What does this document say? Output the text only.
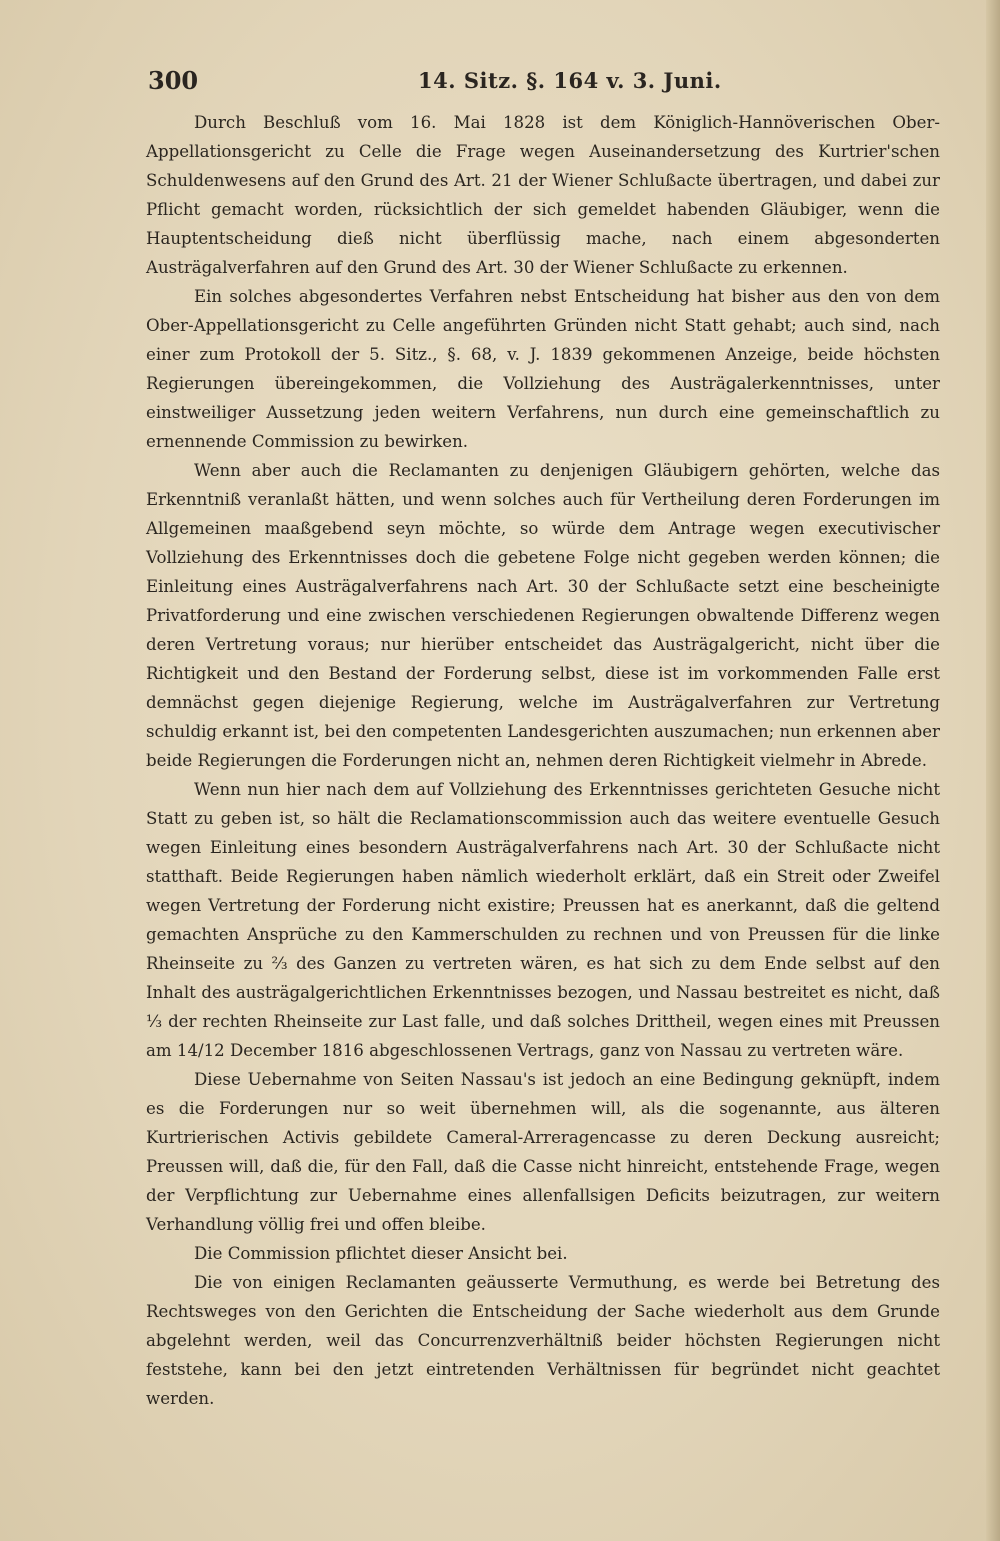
300	14. Sitz. §. 164 v. 3. Juni.

Durch Beschluß vom 16. Mai 1828 ist dem Königlich-Hannöverischen Ober-Appellationsgericht zu Celle die Frage wegen Auseinandersetzung des Kurtrier'schen Schuldenwesens auf den Grund des Art. 21 der Wiener Schlußacte übertragen, und dabei zur Pflicht gemacht worden, rücksichtlich der sich gemeldet habenden Gläubiger, wenn die Hauptentscheidung dieß nicht überflüssig mache, nach einem abgesonderten Austrägalverfahren auf den Grund des Art. 30 der Wiener Schlußacte zu erkennen.

Ein solches abgesondertes Verfahren nebst Entscheidung hat bisher aus den von dem Ober-Appellationsgericht zu Celle angeführten Gründen nicht Statt gehabt; auch sind, nach einer zum Protokoll der 5. Sitz., §. 68, v. J. 1839 gekommenen Anzeige, beide höchsten Regierungen übereingekommen, die Vollziehung des Austrägalerkenntnisses, unter einstweiliger Aussetzung jeden weitern Verfahrens, nun durch eine gemeinschaftlich zu ernennende Commission zu bewirken.

Wenn aber auch die Reclamanten zu denjenigen Gläubigern gehörten, welche das Erkenntniß veranlaßt hätten, und wenn solches auch für Vertheilung deren Forderungen im Allgemeinen maaßgebend seyn möchte, so würde dem Antrage wegen executivischer Vollziehung des Erkenntnisses doch die gebetene Folge nicht gegeben werden können; die Einleitung eines Austrägalverfahrens nach Art. 30 der Schlußacte setzt eine bescheinigte Privatforderung und eine zwischen verschiedenen Regierungen obwaltende Differenz wegen deren Vertretung voraus; nur hierüber entscheidet das Austrägalgericht, nicht über die Richtigkeit und den Bestand der Forderung selbst, diese ist im vorkommenden Falle erst demnächst gegen diejenige Regierung, welche im Austrägalverfahren zur Vertretung schuldig erkannt ist, bei den competenten Landesgerichten auszumachen; nun erkennen aber beide Regierungen die Forderungen nicht an, nehmen deren Richtigkeit vielmehr in Abrede.

Wenn nun hier nach dem auf Vollziehung des Erkenntnisses gerichteten Gesuche nicht Statt zu geben ist, so hält die Reclamationscommission auch das weitere eventuelle Gesuch wegen Einleitung eines besondern Austrägalverfahrens nach Art. 30 der Schlußacte nicht statthaft. Beide Regierungen haben nämlich wiederholt erklärt, daß ein Streit oder Zweifel wegen Vertretung der Forderung nicht existire; Preussen hat es anerkannt, daß die geltend gemachten Ansprüche zu den Kammerschulden zu rechnen und von Preussen für die linke Rheinseite zu ⅔ des Ganzen zu vertreten wären, es hat sich zu dem Ende selbst auf den Inhalt des austrägalgerichtlichen Erkenntnisses bezogen, und Nassau bestreitet es nicht, daß ⅓ der rechten Rheinseite zur Last falle, und daß solches Drittheil, wegen eines mit Preussen am 14/12 December 1816 abgeschlossenen Vertrags, ganz von Nassau zu vertreten wäre.

Diese Uebernahme von Seiten Nassau's ist jedoch an eine Bedingung geknüpft, indem es die Forderungen nur so weit übernehmen will, als die sogenannte, aus älteren Kurtrierischen Activis gebildete Cameral-Arreragencasse zu deren Deckung ausreicht; Preussen will, daß die, für den Fall, daß die Casse nicht hinreicht, entstehende Frage, wegen der Verpflichtung zur Uebernahme eines allenfallsigen Deficits beizutragen, zur weitern Verhandlung völlig frei und offen bleibe.

Die Commission pflichtet dieser Ansicht bei.

Die von einigen Reclamanten geäusserte Vermuthung, es werde bei Betretung des Rechtsweges von den Gerichten die Entscheidung der Sache wiederholt aus dem Grunde abgelehnt werden, weil das Concurrenzverhältniß beider höchsten Regierungen nicht feststehe, kann bei den jetzt eintretenden Verhältnissen für begründet nicht geachtet werden.
